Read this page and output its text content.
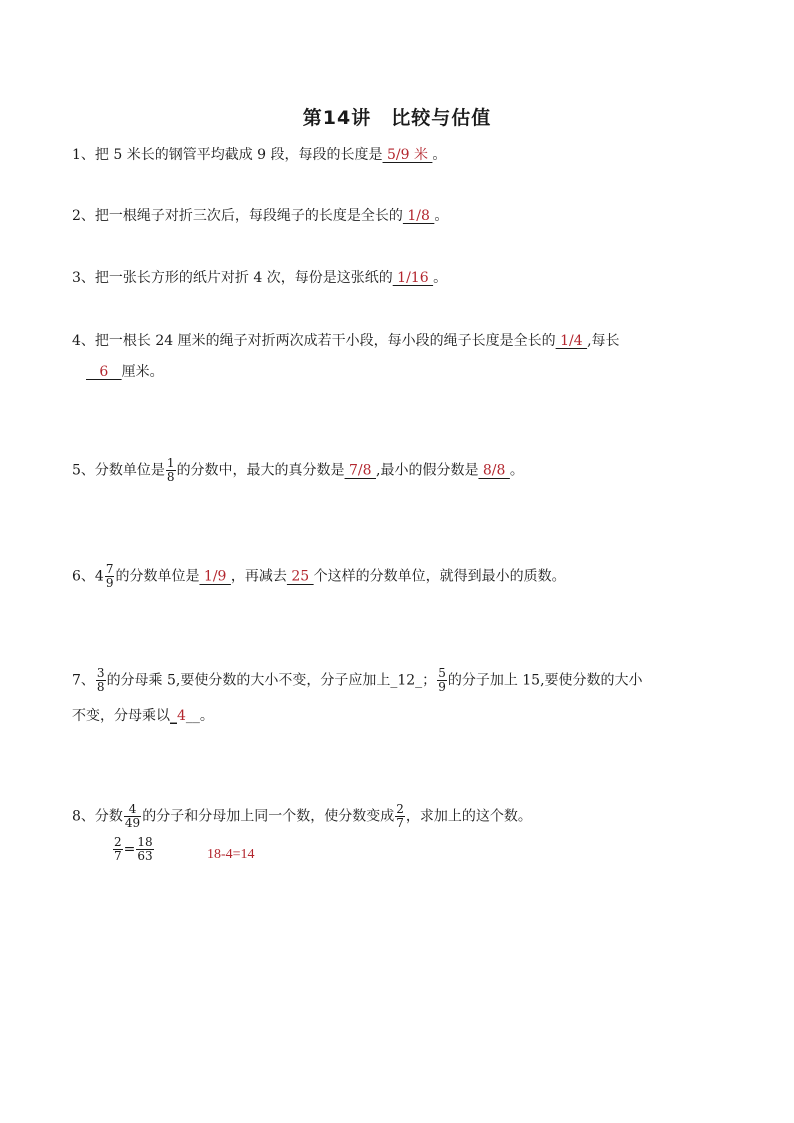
第14讲　比较与估值
1、把 5 米长的钢管平均截成 9 段，每段的长度是 5/9 米 。
2、把一根绳子对折三次后，每段绳子的长度是全长的 1/8 。
3、把一张长方形的纸片对折 4 次，每份是这张纸的 1/16 。
4、把一根长 24 厘米的绳子对折两次成若干小段，每小段的绳子长度是全长的 1/4 ,每长
6   厘米。
5、分数单位是 $\frac{1}{8}$ 的分数中，最大的真分数是 7/8 ,最小的假分数是 8/8 。
6、$4 \frac{7}{9}$ 的分数单位是 1/9 ，再减去 25 个这样的分数单位，就得到最小的质数。
7、 $\frac{3}{8}$ 的分母乘 5,要使分数的大小不变，分子应加上_12_； $\frac{5}{9}$ 的分子加上 15,要使分数的大小
不变，分母乘以_4__。
8、分数 $\frac{4}{49}$ 的分子和分母加上同一个数，使分数变成 $\frac{2}{7}$ ，求加上的这个数。
$\frac{2}{7} = \frac{18}{63}$	18-4=14
